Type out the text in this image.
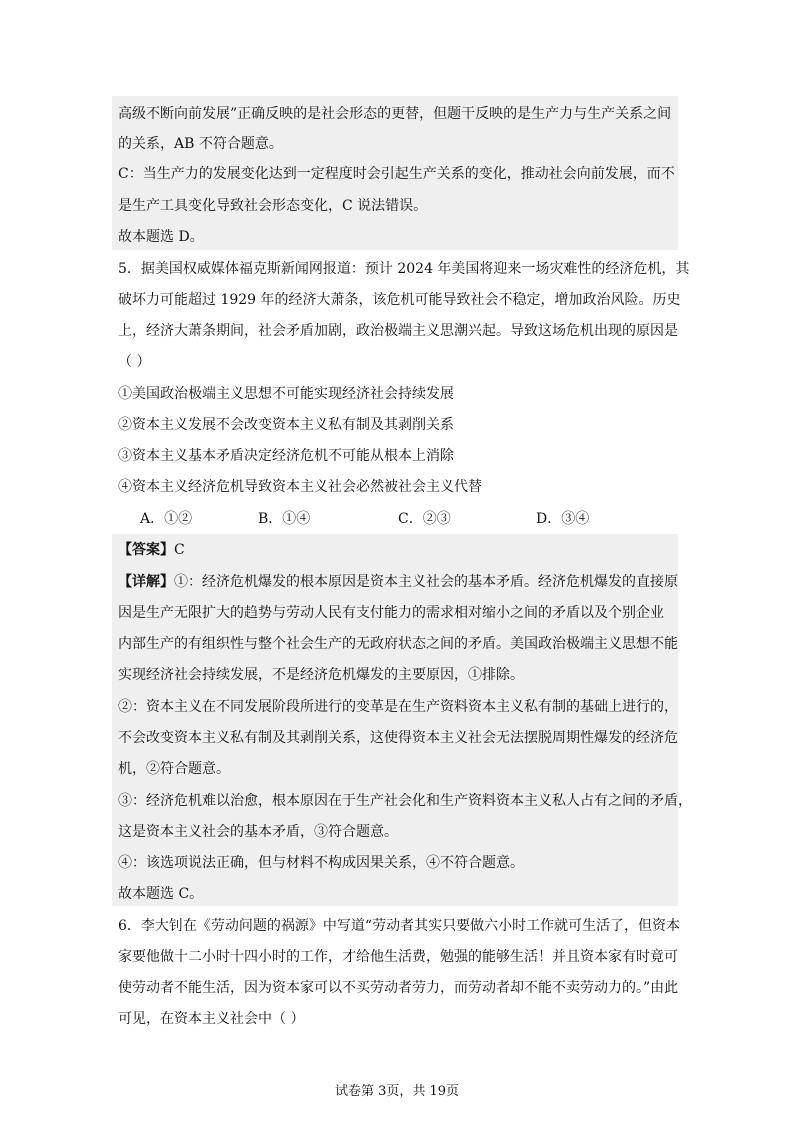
高级不断向前发展”正确反映的是社会形态的更替，但题干反映的是生产力与生产关系之间
的关系，AB 不符合题意。
C：当生产力的发展变化达到一定程度时会引起生产关系的变化，推动社会向前发展，而不
是生产工具变化导致社会形态变化，C 说法错误。
故本题选 D。
5．据美国权威媒体福克斯新闻网报道：预计 2024 年美国将迎来一场灾难性的经济危机，其
破坏力可能超过 1929 年的经济大萧条，该危机可能导致社会不稳定，增加政治风险。历史
上，经济大萧条期间，社会矛盾加剧，政治极端主义思潮兴起。导致这场危机出现的原因是
（ ）
①美国政治极端主义思想不可能实现经济社会持续发展
②资本主义发展不会改变资本主义私有制及其剥削关系
③资本主义基本矛盾决定经济危机不可能从根本上消除
④资本主义经济危机导致资本主义社会必然被社会主义代替
A．①②	B．①④	C．②③	D．③④
【答案】C
【详解】①：经济危机爆发的根本原因是资本主义社会的基本矛盾。经济危机爆发的直接原
因是生产无限扩大的趋势与劳动人民有支付能力的需求相对缩小之间的矛盾以及个别企业
内部生产的有组织性与整个社会生产的无政府状态之间的矛盾。美国政治极端主义思想不能
实现经济社会持续发展，不是经济危机爆发的主要原因，①排除。
②：资本主义在不同发展阶段所进行的变革是在生产资料资本主义私有制的基础上进行的，
不会改变资本主义私有制及其剥削关系，这使得资本主义社会无法摆脱周期性爆发的经济危
机，②符合题意。
③：经济危机难以治愈，根本原因在于生产社会化和生产资料资本主义私人占有之间的矛盾，
这是资本主义社会的基本矛盾，③符合题意。
④：该选项说法正确，但与材料不构成因果关系，④不符合题意。
故本题选 C。
6．李大钊在《劳动问题的祸源》中写道“劳动者其实只要做六小时工作就可生活了，但资本
家要他做十二小时十四小时的工作，才给他生活费，勉强的能够生活！并且资本家有时竟可
使劳动者不能生活，因为资本家可以不买劳动者劳力，而劳动者却不能不卖劳动力的。”由此
可见，在资本主义社会中（ ）
试卷第 3页，共 19页
